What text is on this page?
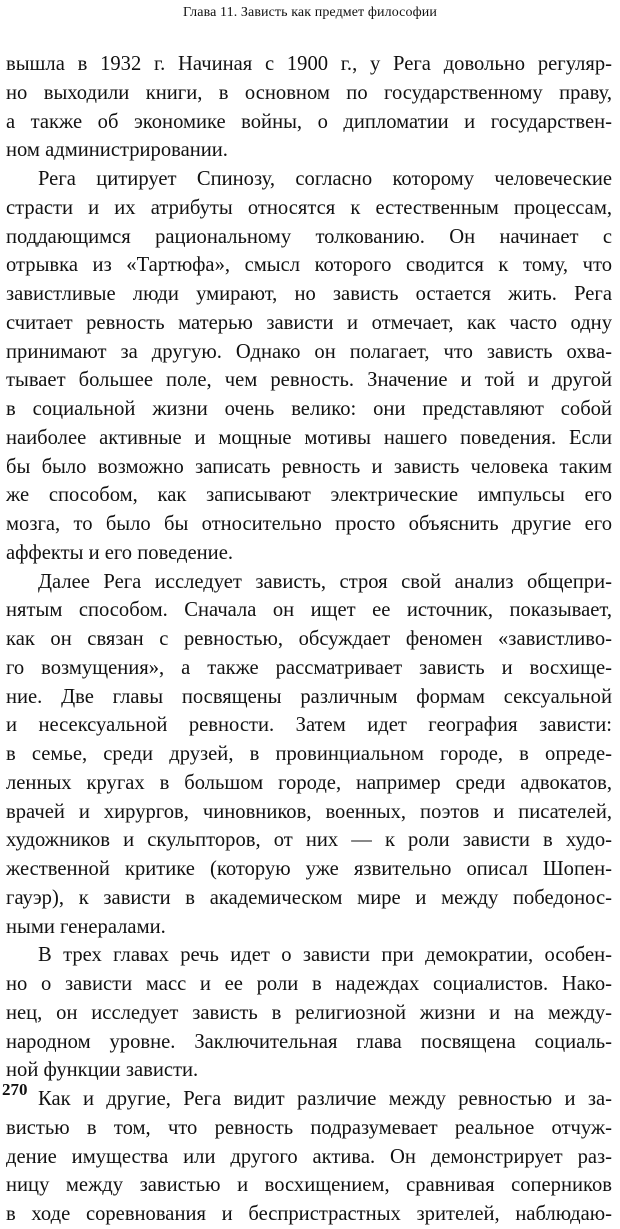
Глава 11. Зависть как предмет философии
вышла в 1932 г. Начиная с 1900 г., у Рега довольно регуляр-
но выходили книги, в основном по государственному праву,
а также об экономике войны, о дипломатии и государствен-
ном администрировании.
Рега цитирует Спинозу, согласно которому человеческие
страсти и их атрибуты относятся к естественным процессам,
поддающимся рациональному толкованию. Он начинает с
отрывка из «Тартюфа», смысл которого сводится к тому, что
завистливые люди умирают, но зависть остается жить. Рега
считает ревность матерью зависти и отмечает, как часто одну
принимают за другую. Однако он полагает, что зависть охва-
тывает большее поле, чем ревность. Значение и той и другой
в социальной жизни очень велико: они представляют собой
наиболее активные и мощные мотивы нашего поведения. Если
бы было возможно записать ревность и зависть человека таким
же способом, как записывают электрические импульсы его
мозга, то было бы относительно просто объяснить другие его
аффекты и его поведение.
Далее Рега исследует зависть, строя свой анализ общепри-
нятым способом. Сначала он ищет ее источник, показывает,
как он связан с ревностью, обсуждает феномен «завистливо-
го возмущения», а также рассматривает зависть и восхище-
ние. Две главы посвящены различным формам сексуальной
и несексуальной ревности. Затем идет география зависти:
в семье, среди друзей, в провинциальном городе, в опреде-
ленных кругах в большом городе, например среди адвокатов,
врачей и хирургов, чиновников, военных, поэтов и писателей,
художников и скульпторов, от них — к роли зависти в худо-
жественной критике (которую уже язвительно описал Шопен-
гауэр), к зависти в академическом мире и между победонос-
ными генералами.
В трех главах речь идет о зависти при демократии, особен-
но о зависти масс и ее роли в надеждах социалистов. Нако-
нец, он исследует зависть в религиозной жизни и на между-
народном уровне. Заключительная глава посвящена социаль-
ной функции зависти.
Как и другие, Рега видит различие между ревностью и за-
вистью в том, что ревность подразумевает реальное отчуж-
дение имущества или другого актива. Он демонстрирует раз-
ницу между завистью и восхищением, сравнивая соперников
в ходе соревнования и беспристрастных зрителей, наблюдаю-
270
